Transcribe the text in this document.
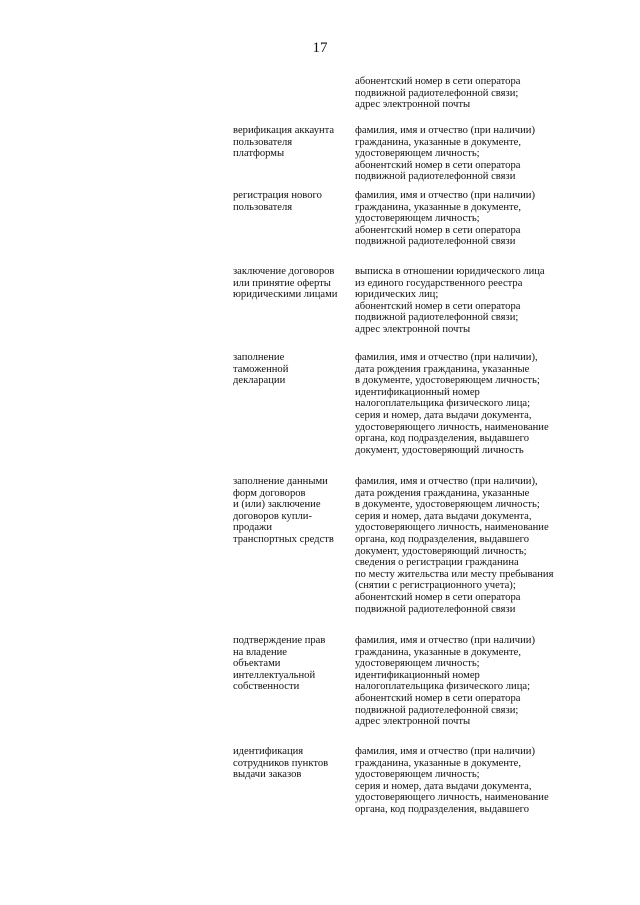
17
абонентский номер в сети оператора
подвижной радиотелефонной связи;
адрес электронной почты
верификация аккаунта
пользователя
платформы
фамилия, имя и отчество (при наличии)
гражданина, указанные в документе,
удостоверяющем личность;
абонентский номер в сети оператора
подвижной радиотелефонной связи
регистрация нового
пользователя
фамилия, имя и отчество (при наличии)
гражданина, указанные в документе,
удостоверяющем личность;
абонентский номер в сети оператора
подвижной радиотелефонной связи
заключение договоров
или принятие оферты
юридическими лицами
выписка в отношении юридического лица
из единого государственного реестра
юридических лиц;
абонентский номер в сети оператора
подвижной радиотелефонной связи;
адрес электронной почты
заполнение
таможенной
декларации
фамилия, имя и отчество (при наличии),
дата рождения гражданина, указанные
в документе, удостоверяющем личность;
идентификационный номер
налогоплательщика физического лица;
серия и номер, дата выдачи документа,
удостоверяющего личность, наименование
органа, код подразделения, выдавшего
документ, удостоверяющий личность
заполнение данными
форм договоров
и (или) заключение
договоров купли-
продажи
транспортных средств
фамилия, имя и отчество (при наличии),
дата рождения гражданина, указанные
в документе, удостоверяющем личность;
серия и номер, дата выдачи документа,
удостоверяющего личность, наименование
органа, код подразделения, выдавшего
документ, удостоверяющий личность;
сведения о регистрации гражданина
по месту жительства или месту пребывания
(снятии с регистрационного учета);
абонентский номер в сети оператора
подвижной радиотелефонной связи
подтверждение прав
на владение
объектами
интеллектуальной
собственности
фамилия, имя и отчество (при наличии)
гражданина, указанные в документе,
удостоверяющем личность;
идентификационный номер
налогоплательщика физического лица;
абонентский номер в сети оператора
подвижной радиотелефонной связи;
адрес электронной почты
идентификация
сотрудников пунктов
выдачи заказов
фамилия, имя и отчество (при наличии)
гражданина, указанные в документе,
удостоверяющем личность;
серия и номер, дата выдачи документа,
удостоверяющего личность, наименование
органа, код подразделения, выдавшего
